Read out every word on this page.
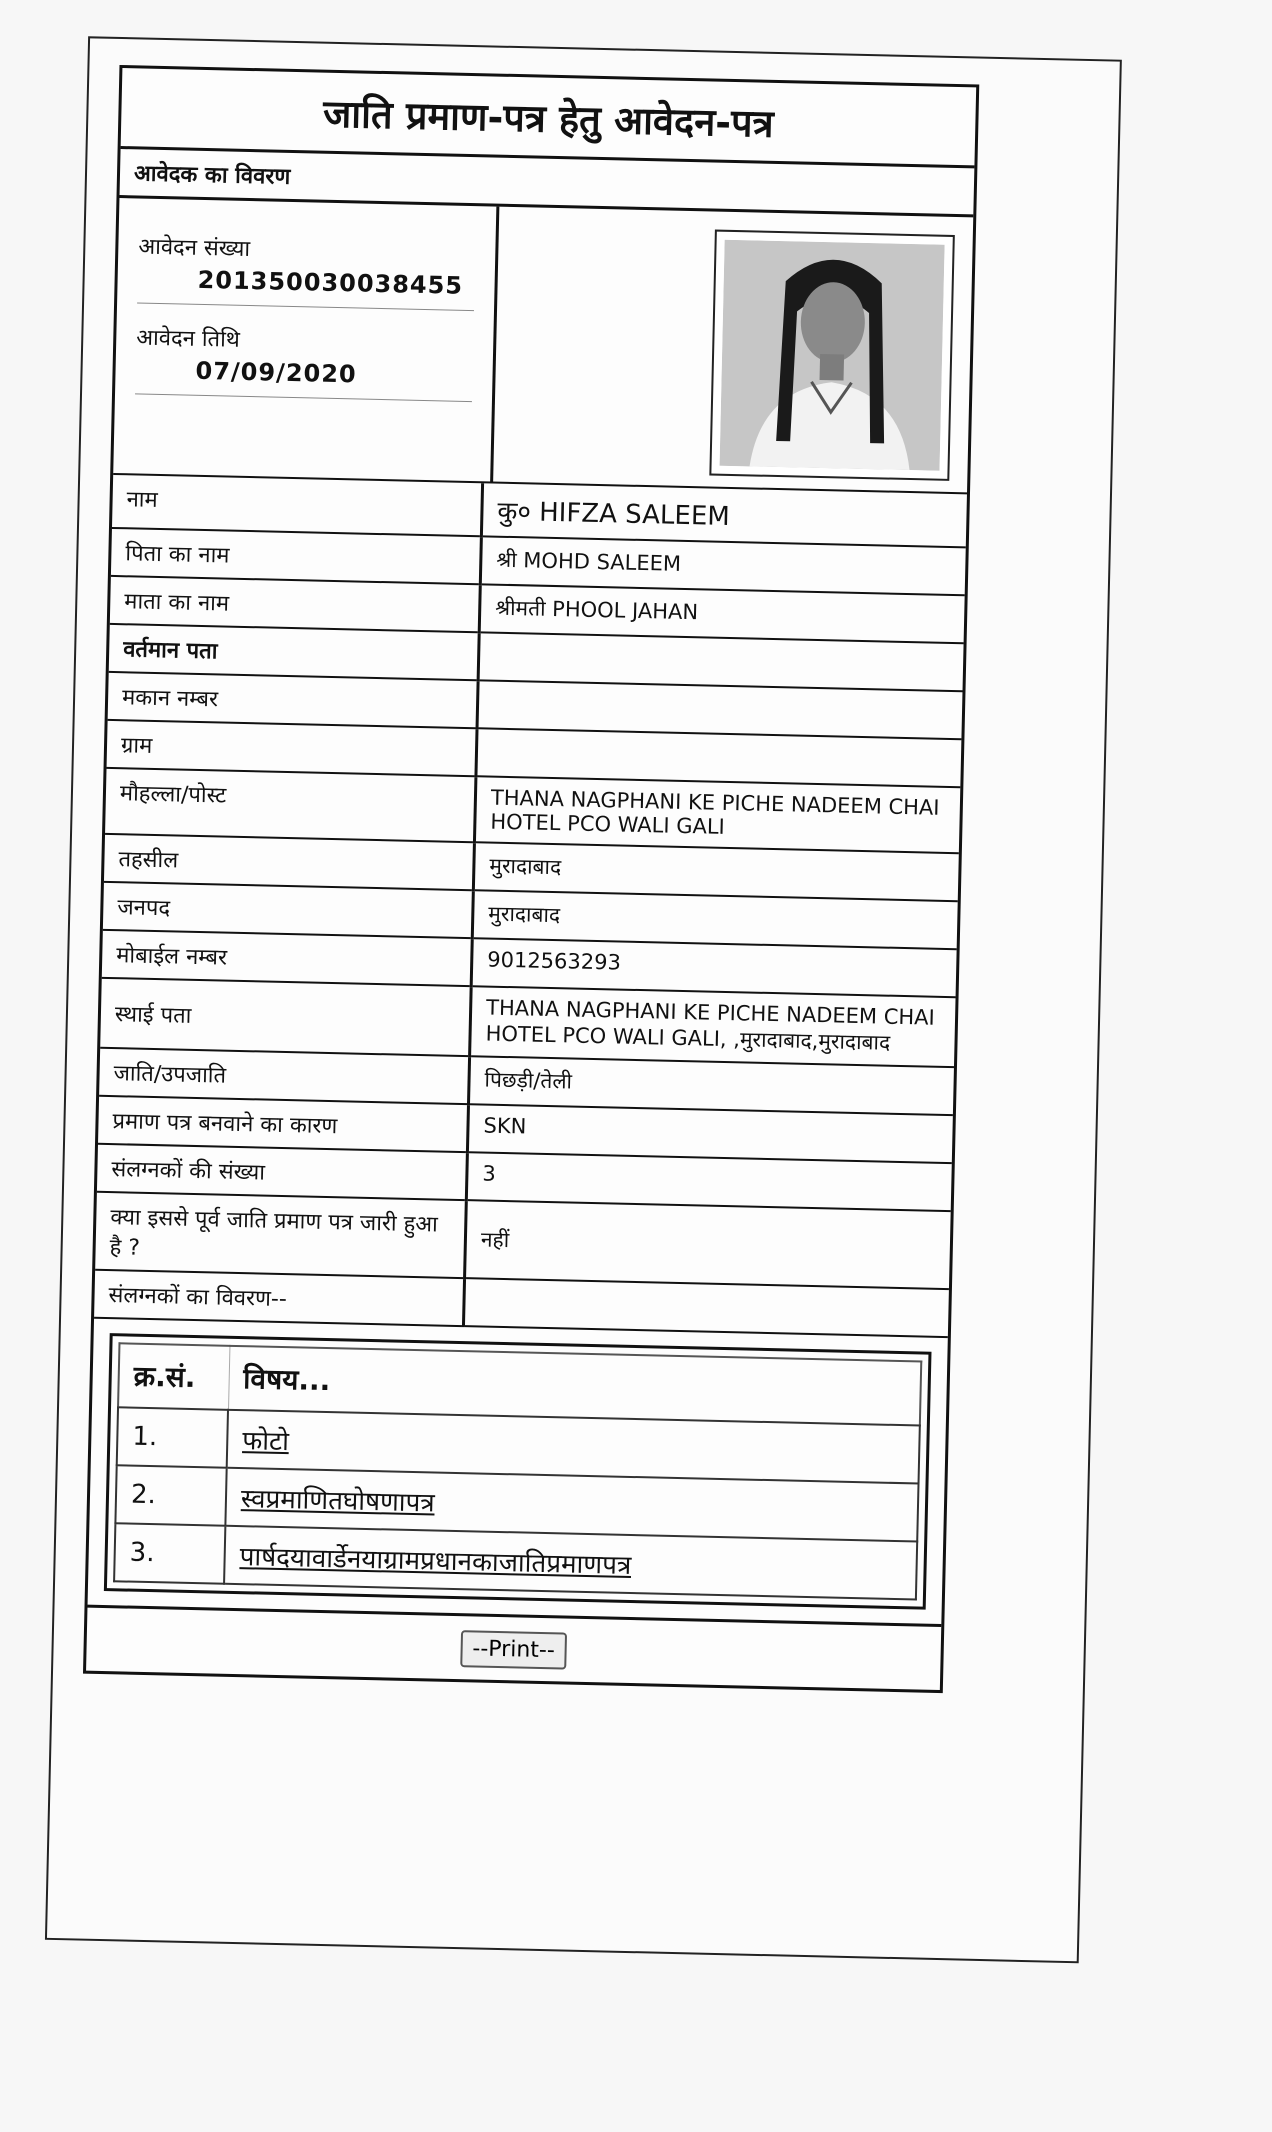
जाति प्रमाण-पत्र हेतु आवेदन-पत्र
आवेदक का विवरण
आवेदन संख्या
201350030038455
आवेदन तिथि
07/09/2020
नाम	कु० HIFZA SALEEM
पिता का नाम	श्री MOHD SALEEM
माता का नाम	श्रीमती PHOOL JAHAN
वर्तमान पता	
मकान नम्बर	
ग्राम	
मौहल्ला/पोस्ट	THANA NAGPHANI KE PICHE NADEEM CHAI HOTEL PCO WALI GALI
तहसील	मुरादाबाद
जनपद	मुरादाबाद
मोबाईल नम्बर	9012563293
स्थाई पता	THANA NAGPHANI KE PICHE NADEEM CHAI HOTEL PCO WALI GALI, ,मुरादाबाद,मुरादाबाद
जाति/उपजाति	पिछड़ी/तेली
प्रमाण पत्र बनवाने का कारण	SKN
संलग्नकों की संख्या	3
क्या इससे पूर्व जाति प्रमाण पत्र जारी हुआ है ?	नहीं
संलग्नकों का विवरण--	
क्र.सं.	विषय...
1.	फोटो
2.	स्वप्रमाणितघोषणापत्र
3.	पार्षदयावार्डेनयाग्रामप्रधानकाजातिप्रमाणपत्र
--Print--
